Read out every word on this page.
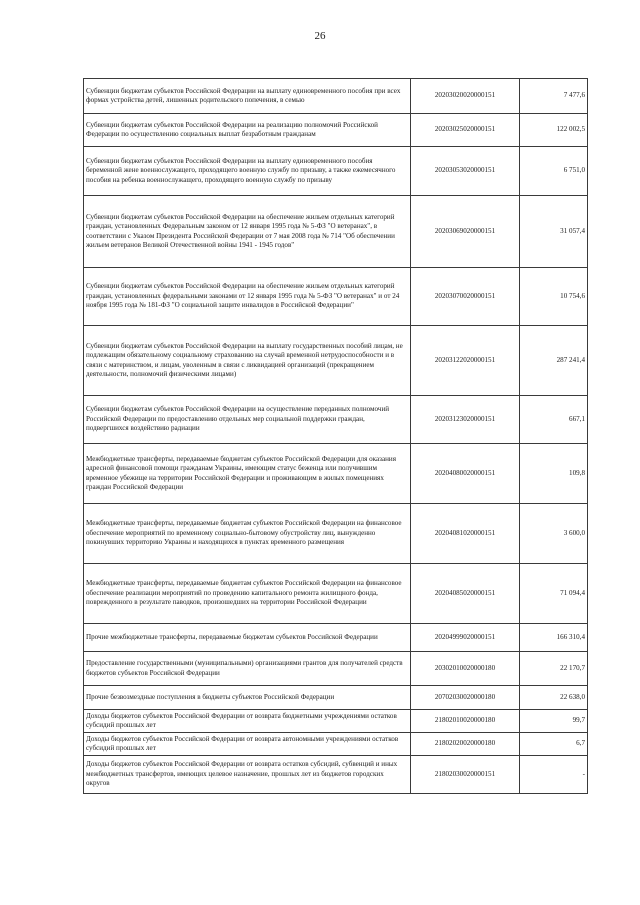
26
Субвенции бюджетам субъектов Российской Федерации на выплату единовременного пособия при всех формах устройства детей, лишенных родительского попечения, в семью	20203020020000151	7 477,6
Субвенции бюджетам субъектов Российской Федерации на реализацию полномочий Российской Федерации по осуществлению социальных выплат безработным гражданам	20203025020000151	122 002,5
Субвенции бюджетам субъектов Российской Федерации на выплату единовременного пособия беременной жене военнослужащего, проходящего военную службу по призыву, а также ежемесячного пособия на ребенка военнослужащего, проходящего военную службу по призыву	20203053020000151	6 751,0
Субвенции бюджетам субъектов Российской Федерации на обеспечение жильем отдельных категорий граждан, установленных Федеральным законом от 12 января 1995 года № 5-ФЗ "О ветеранах", в соответствии с Указом Президента Российской Федерации от 7 мая 2008 года № 714 "Об обеспечении жильем ветеранов Великой Отечественной войны 1941 - 1945 годов"	20203069020000151	31 057,4
Субвенции бюджетам субъектов Российской Федерации на обеспечение жильем отдельных категорий граждан, установленных федеральными законами от 12 января 1995 года № 5-ФЗ "О ветеранах" и от 24 ноября 1995 года № 181-ФЗ "О социальной защите инвалидов в Российской Федерации"	20203070020000151	10 754,6
Субвенции бюджетам субъектов Российской Федерации на выплату государственных пособий лицам, не подлежащим обязательному социальному страхованию на случай временной нетрудоспособности и в связи с материнством, и лицам, уволенным в связи с ликвидацией организаций (прекращением деятельности, полномочий физическими лицами)	20203122020000151	287 241,4
Субвенции бюджетам субъектов Российской Федерации на осуществление переданных полномочий Российской Федерации по предоставлению отдельных мер социальной поддержки граждан, подвергшихся воздействию радиации	20203123020000151	667,1
Межбюджетные трансферты, передаваемые бюджетам субъектов Российской Федерации для оказания адресной финансовой помощи гражданам Украины, имеющим статус беженца или получившим временное убежище на территории Российской Федерации и проживающим в жилых помещениях граждан Российской Федерации	20204080020000151	109,8
Межбюджетные трансферты, передаваемые бюджетам субъектов Российской Федерации на финансовое обеспечение мероприятий по временному социально-бытовому обустройству лиц, вынужденно покинувших территорию Украины и находящихся в пунктах временного размещения	20204081020000151	3 600,0
Межбюджетные трансферты, передаваемые бюджетам субъектов Российской Федерации на финансовое обеспечение реализации мероприятий по проведению капитального ремонта жилищного фонда, поврежденного в результате паводков, произошедших на территории Российской Федерации	20204085020000151	71 094,4
Прочие межбюджетные трансферты, передаваемые бюджетам субъектов Российской Федерации	20204999020000151	166 310,4
Предоставление государственными (муниципальными) организациями грантов для получателей средств бюджетов субъектов Российской Федерации	20302010020000180	22 170,7
Прочие безвозмездные поступления в бюджеты субъектов Российской Федерации	20702030020000180	22 638,0
Доходы бюджетов субъектов Российской Федерации от возврата бюджетными учреждениями остатков субсидий прошлых лет	21802010020000180	99,7
Доходы бюджетов субъектов Российской Федерации от возврата автономными учреждениями остатков субсидий прошлых лет	21802020020000180	6,7
Доходы бюджетов субъектов Российской Федерации от возврата остатков субсидий, субвенций и иных межбюджетных трансфертов, имеющих целевое назначение, прошлых лет из бюджетов городских округов	21802030020000151	-
